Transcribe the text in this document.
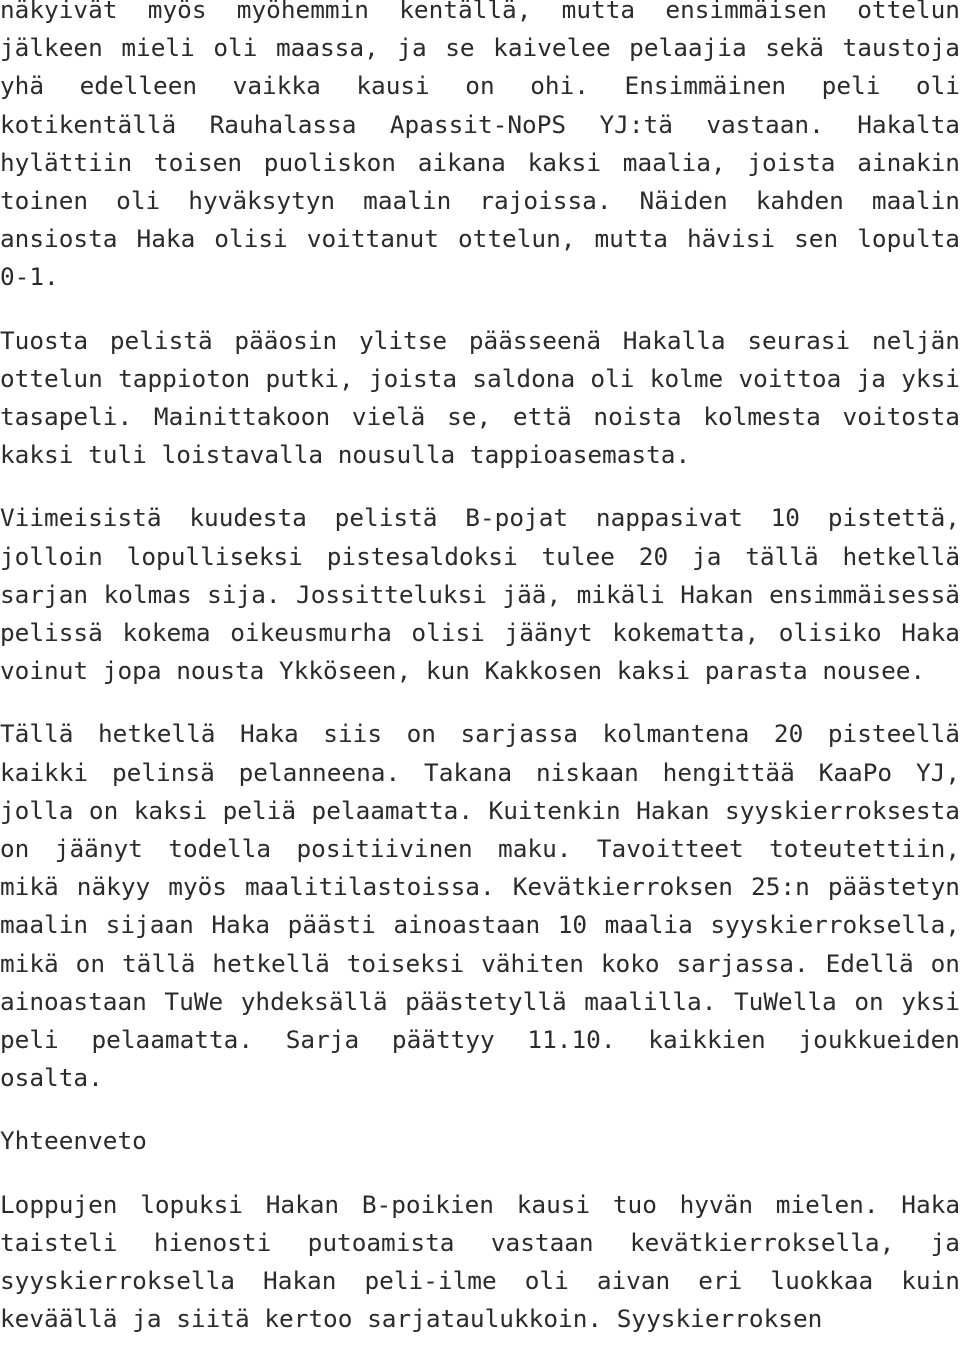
näkyivät myös myöhemmin kentällä, mutta ensimmäisen ottelun jälkeen mieli oli maassa, ja se kaivelee pelaajia sekä taustoja yhä edelleen vaikka kausi on ohi. Ensimmäinen peli oli kotikentällä Rauhalassa Apassit-NoPS YJ:tä vastaan. Hakalta hylättiin toisen puoliskon aikana kaksi maalia, joista ainakin toinen oli hyväksytyn maalin rajoissa. Näiden kahden maalin ansiosta Haka olisi voittanut ottelun, mutta hävisi sen lopulta 0-1.

Tuosta pelistä pääosin ylitse päässeenä Hakalla seurasi neljän ottelun tappioton putki, joista saldona oli kolme voittoa ja yksi tasapeli. Mainittakoon vielä se, että noista kolmesta voitosta kaksi tuli loistavalla nousulla tappioasemasta.

Viimeisistä kuudesta pelistä B-pojat nappasivat 10 pistettä, jolloin lopulliseksi pistesaldoksi tulee 20 ja tällä hetkellä sarjan kolmas sija. Jossitteluksi jää, mikäli Hakan ensimmäisessä pelissä kokema oikeusmurha olisi jäänyt kokematta, olisiko Haka voinut jopa nousta Ykköseen, kun Kakkosen kaksi parasta nousee.

Tällä hetkellä Haka siis on sarjassa kolmantena 20 pisteellä kaikki pelinsä pelanneena. Takana niskaan hengittää KaaPo YJ, jolla on kaksi peliä pelaamatta. Kuitenkin Hakan syyskierroksesta on jäänyt todella positiivinen maku. Tavoitteet toteutettiin, mikä näkyy myös maalitilastoissa. Kevätkierroksen 25:n päästetyn maalin sijaan Haka päästi ainoastaan 10 maalia syyskierroksella, mikä on tällä hetkellä toiseksi vähiten koko sarjassa. Edellä on ainoastaan TuWe yhdeksällä päästetyllä maalilla. TuWella on yksi peli pelaamatta. Sarja päättyy 11.10. kaikkien joukkueiden osalta.

Yhteenveto

Loppujen lopuksi Hakan B-poikien kausi tuo hyvän mielen. Haka taisteli hienosti putoamista vastaan kevätkierroksella, ja syyskierroksella Hakan peli-ilme oli aivan eri luokkaa kuin keväällä ja siitä kertoo sarjataulukkoin. Syyskierroksen
